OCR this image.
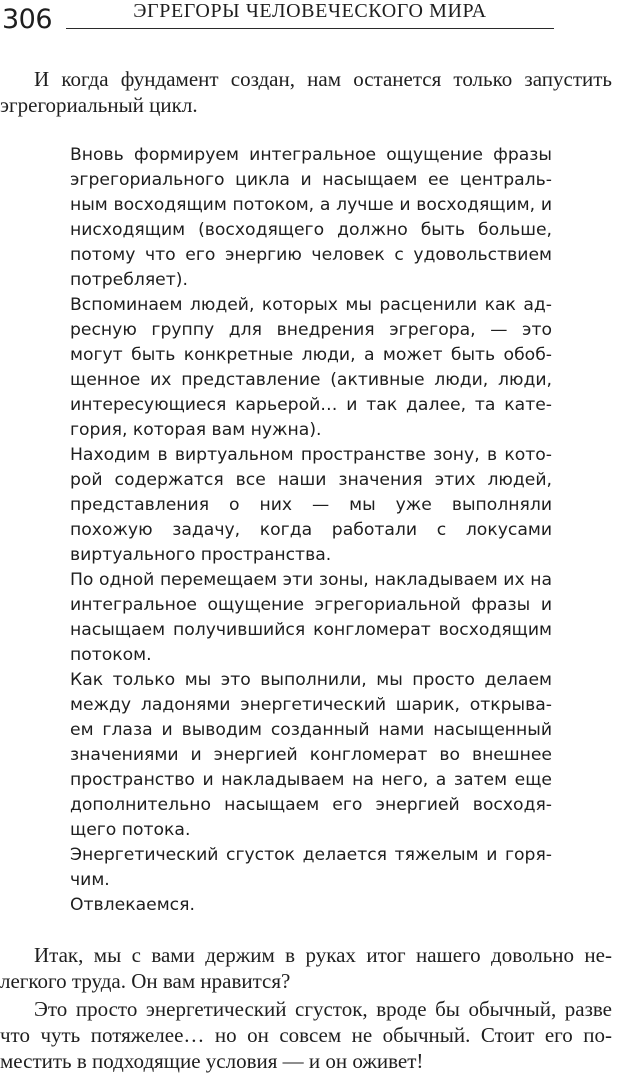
306	ЭГРЕГОРЫ ЧЕЛОВЕЧЕСКОГО МИРА

И когда фундамент создан, нам останется только запустить эгрегориальный цикл.

Вновь формируем интегральное ощущение фразы эгрегориального цикла и насыщаем ее центральным восходящим потоком, а лучше и восходящим, и нисходящим (восходящего должно быть больше, потому что его энергию человек с удовольствием потребляет).

Вспоминаем людей, которых мы расценили как адресную группу для внедрения эгрегора, — это могут быть конкретные люди, а может быть обобщенное их представление (активные люди, люди, интересующиеся карьерой… и так далее, та категория, которая вам нужна).

Находим в виртуальном пространстве зону, в которой содержатся все наши значения этих людей, представления о них — мы уже выполняли похожую задачу, когда работали с локусами виртуального пространства.

По одной перемещаем эти зоны, накладываем их на интегральное ощущение эгрегориальной фразы и насыщаем получившийся конгломерат восходящим потоком.

Как только мы это выполнили, мы просто делаем между ладонями энергетический шарик, открываем глаза и выводим созданный нами насыщенный значениями и энергией конгломерат во внешнее пространство и накладываем на него, а затем еще дополнительно насыщаем его энергией восходящего потока.

Энергетический сгусток делается тяжелым и горячим.

Отвлекаемся.

Итак, мы с вами держим в руках итог нашего довольно нелегкого труда. Он вам нравится?

Это просто энергетический сгусток, вроде бы обычный, разве что чуть потяжелее… но он совсем не обычный. Стоит его поместить в подходящие условия — и он оживет!
